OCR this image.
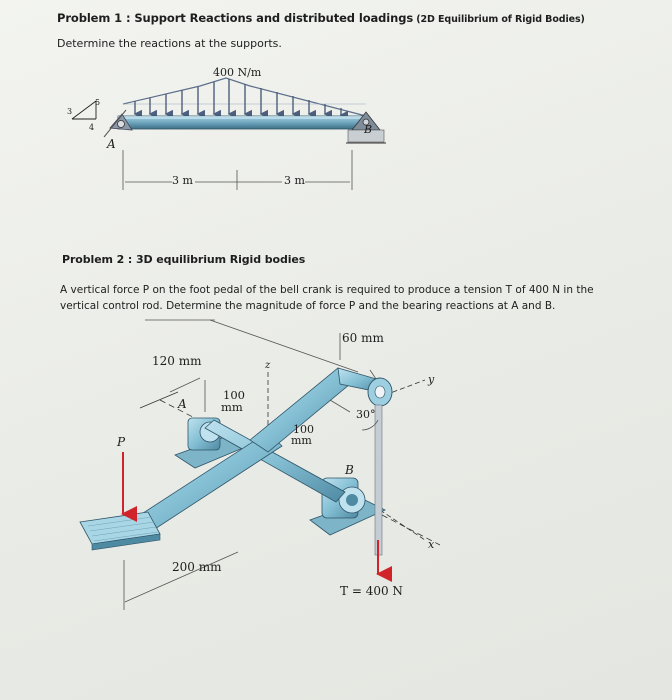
Problem 1 : Support Reactions and distributed loadings (2D Equilibrium of Rigid Bodies)
Determine the reactions at the supports.
400 N/m
3
4
5
A
B
3 m	3 m
Problem 2 : 3D equilibrium Rigid bodies
A vertical force P on the foot pedal of the bell crank is required to produce a tension T of 400 N in the
vertical control rod. Determine the magnitude of force P and the bearing reactions at A and B.
60 mm
120 mm
100
mm
100
mm
30°
A
B
P
z
y
x
200 mm
T = 400 N
